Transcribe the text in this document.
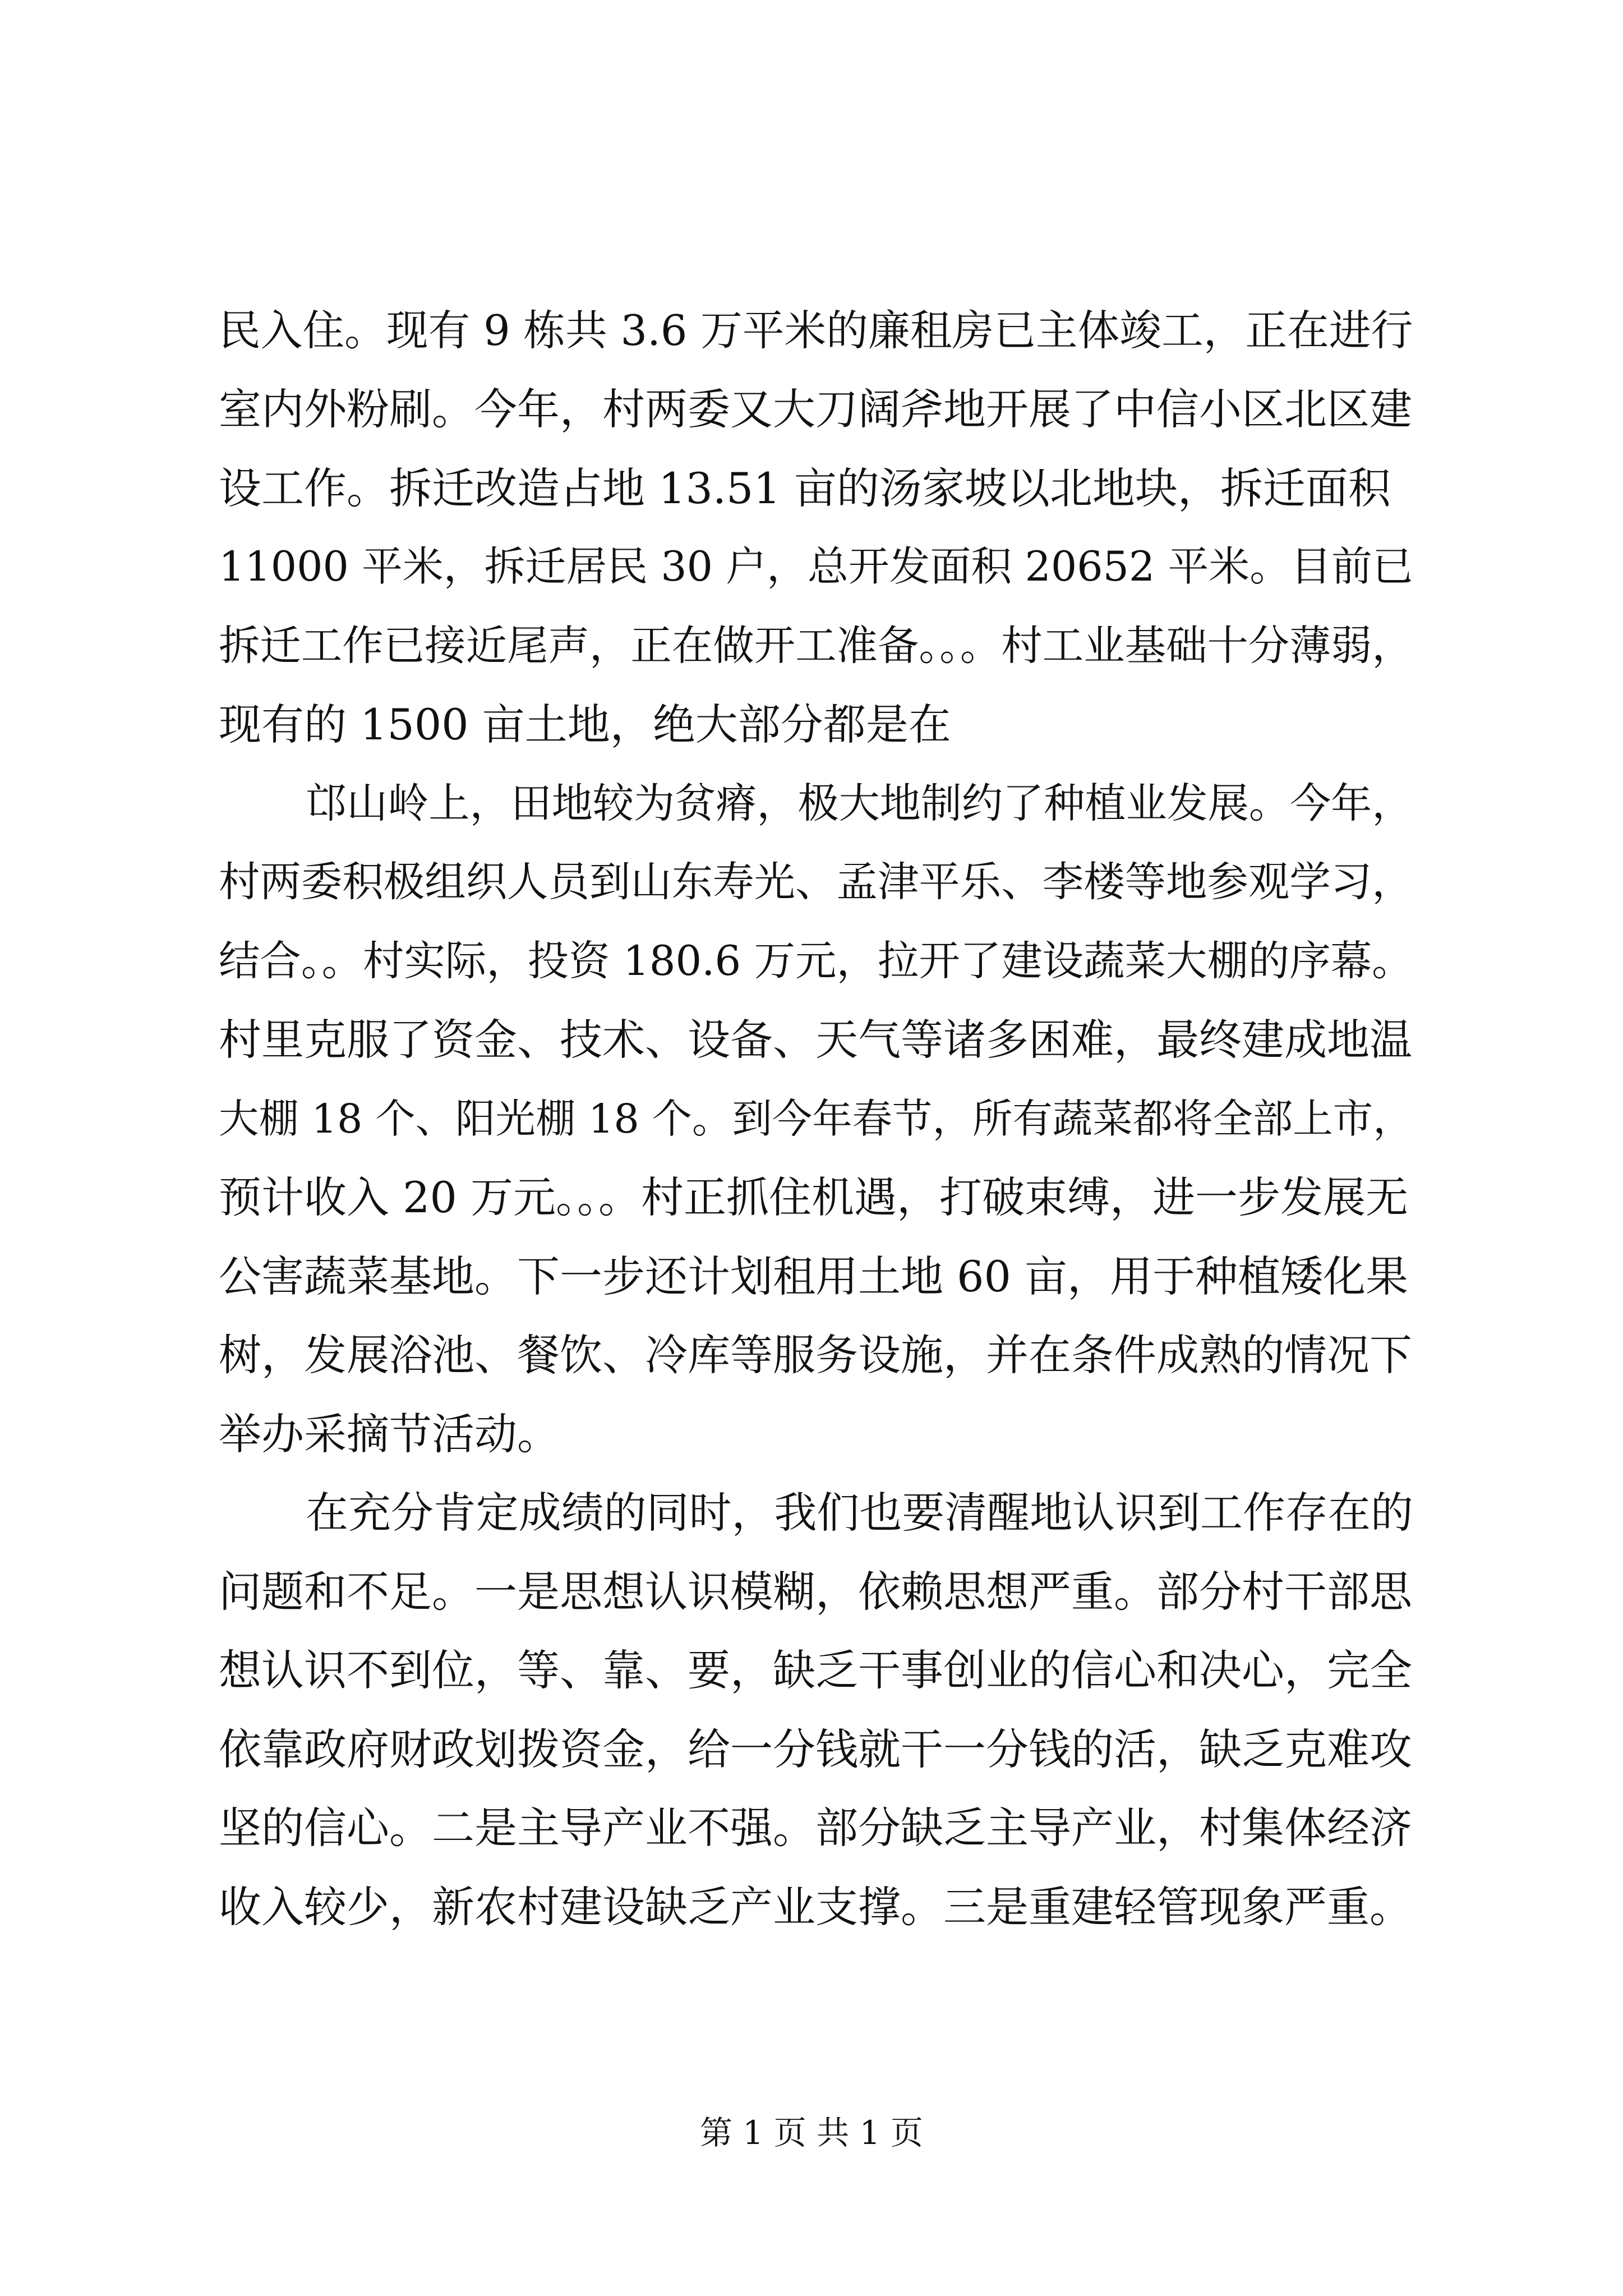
民入住。现有 9 栋共 3.6 万平米的廉租房已主体竣工，正在进行
室内外粉刷。今年，村两委又大刀阔斧地开展了中信小区北区建
设工作。拆迁改造占地 13.51 亩的汤家坡以北地块，拆迁面积
11000 平米，拆迁居民 30 户，总开发面积 20652 平米。目前已
拆迁工作已接近尾声，正在做开工准备。。。村工业基础十分薄弱，
现有的 1500 亩土地，绝大部分都是在
邙山岭上，田地较为贫瘠，极大地制约了种植业发展。今年，
村两委积极组织人员到山东寿光、孟津平乐、李楼等地参观学习，
结合。。村实际，投资 180.6 万元，拉开了建设蔬菜大棚的序幕。
村里克服了资金、技术、设备、天气等诸多困难，最终建成地温
大棚 18 个、阳光棚 18 个。到今年春节，所有蔬菜都将全部上市，
预计收入 20 万元。。。村正抓住机遇，打破束缚，进一步发展无
公害蔬菜基地。下一步还计划租用土地 60 亩，用于种植矮化果
树，发展浴池、餐饮、冷库等服务设施，并在条件成熟的情况下
举办采摘节活动。
在充分肯定成绩的同时，我们也要清醒地认识到工作存在的
问题和不足。一是思想认识模糊，依赖思想严重。部分村干部思
想认识不到位，等、靠、要，缺乏干事创业的信心和决心，完全
依靠政府财政划拨资金，给一分钱就干一分钱的活，缺乏克难攻
坚的信心。二是主导产业不强。部分缺乏主导产业，村集体经济
收入较少，新农村建设缺乏产业支撑。三是重建轻管现象严重。
第 1 页 共 1 页
